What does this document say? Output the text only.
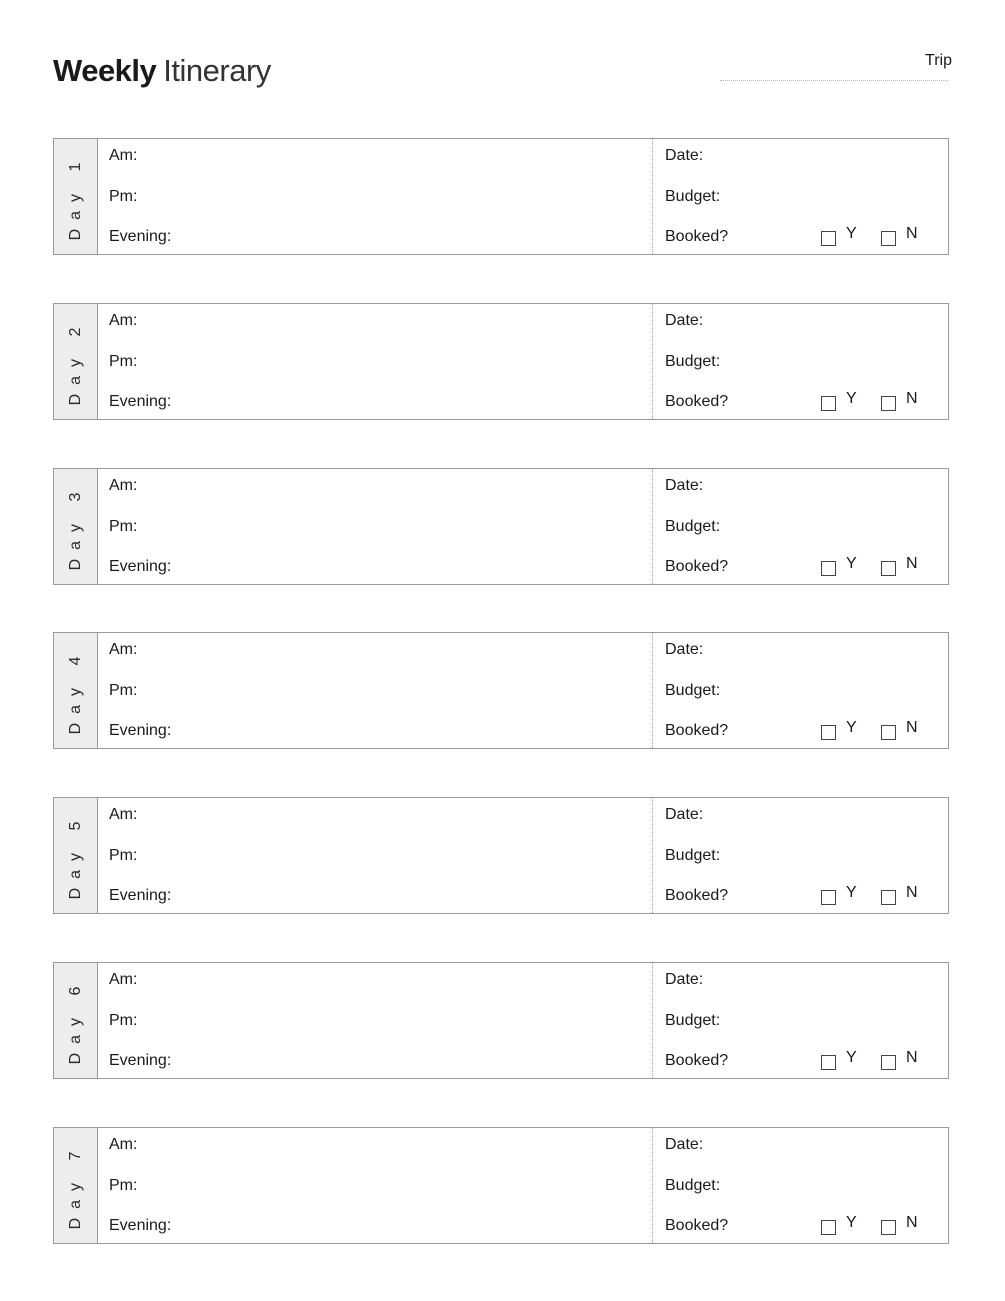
Weekly Itinerary	Trip
Day 1 Am:
Pm:
Evening:
Date:
Budget:
Booked?	Y	N
Day 2 Am:
Pm:
Evening:
Date:
Budget:
Booked?	Y	N
Day 3 Am:
Pm:
Evening:
Date:
Budget:
Booked?	Y	N
Day 4 Am:
Pm:
Evening:
Date:
Budget:
Booked?	Y	N
Day 5 Am:
Pm:
Evening:
Date:
Budget:
Booked?	Y	N
Day 6 Am:
Pm:
Evening:
Date:
Budget:
Booked?	Y	N
Day 7 Am:
Pm:
Evening:
Date:
Budget:
Booked?	Y	N
